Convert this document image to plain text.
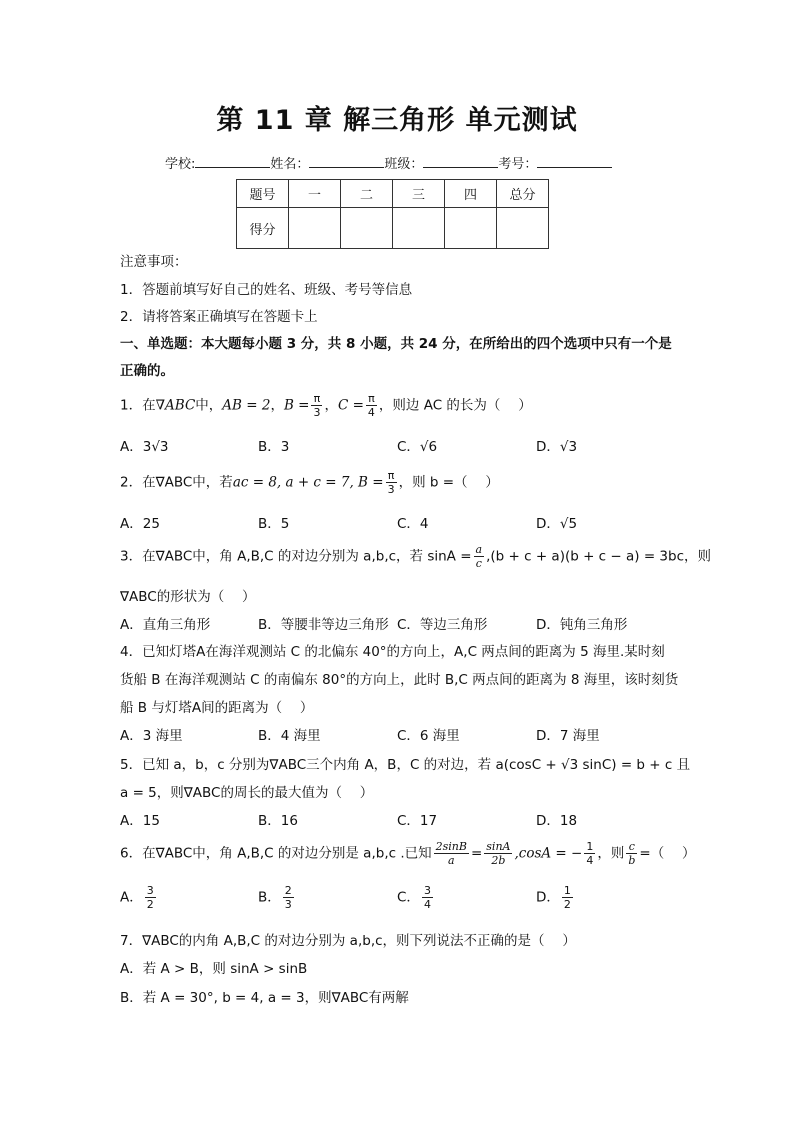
第 11 章 解三角形 单元测试
学校:	姓名：	班级：	考号：
题号	一	二	三	四	总分
得分					
注意事项：
1．答题前填写好自己的姓名、班级、考号等信息
2．请将答案正确填写在答题卡上
一、单选题：本大题每小题 3 分，共 8 小题，共 24 分，在所给出的四个选项中只有一个是
正确的。
1．在∇ABC中，AB = 2，$B = \frac{\pi}{3}$ ，$C = \frac{\pi}{4}$ ，则边 AC 的长为（　 ）
A．3√3	B．3	C．√6	D．√3
2．在∇ABC中，若ac = 8, a + c = 7, $B = \frac{\pi}{3}$ ，则 b =（　 ）
A．25	B．5	C．4	D．√5
3．在∇ABC中，角 A,B,C 的对边分别为 a,b,c，若 $\sin A = \frac{a}{c} ,(b + c + a)(b + c - a) = 3bc$，则
∇ABC的形状为（　 ）
A．直角三角形	B．等腰非等边三角形 C．等边三角形	D．钝角三角形
4．已知灯塔A在海洋观测站 C 的北偏东 40°的方向上，A,C 两点间的距离为 5 海里.某时刻
货船 B 在海洋观测站 C 的南偏东 80°的方向上，此时 B,C 两点间的距离为 8 海里，该时刻货
船 B 与灯塔A间的距离为（　 ）
A．3 海里	B．4 海里	C．6 海里	D．7 海里
5．已知 a，b，c 分别为∇ABC三个内角 A，B，C 的对边，若 a(cosC + √3 sinC) = b + c 且
a = 5，则∇ABC的周长的最大值为（　 ）
A．15	B．16	C．17	D．18
6．在∇ABC中，角 A,B,C 的对边分别是 a,b,c .已知 $\frac{2\sin B}{a} = \frac{\sin A}{2b} ,\cos A$ = − $\frac{1}{4}$ ，则 $\frac{c}{b}$ =（　 ）
A． $\frac{3}{2}$	B． $\frac{2}{3}$	C． $\frac{3}{4}$	D． $\frac{1}{2}$
7．∇ABC的内角 A,B,C 的对边分别为 a,b,c，则下列说法不正确的是（　 ）
A．若 A > B，则 sinA > sinB
B．若 A = 30°, b = 4, a = 3，则∇ABC有两解
